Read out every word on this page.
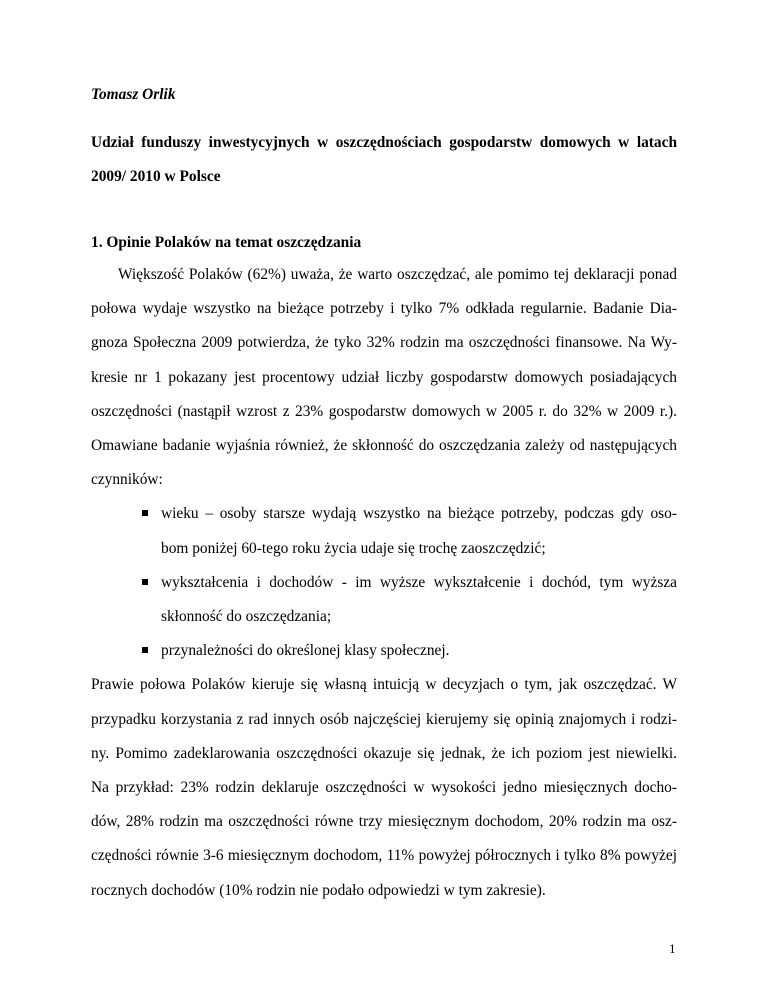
Tomasz Orlik

Udział funduszy inwestycyjnych w oszczędnościach gospodarstw domowych w latach 2009/ 2010 w Polsce

1. Opinie Polaków na temat oszczędzania

Większość Polaków (62%) uważa, że warto oszczędzać, ale pomimo tej deklaracji ponad
połowa wydaje wszystko na bieżące potrzeby i tylko 7% odkłada regularnie. Badanie Dia-
gnoza Społeczna 2009 potwierdza, że tyko 32% rodzin ma oszczędności finansowe. Na Wy-
kresie nr 1 pokazany jest procentowy udział liczby gospodarstw domowych posiadających
oszczędności (nastąpił wzrost z 23% gospodarstw domowych w 2005 r. do 32% w 2009 r.).
Omawiane badanie wyjaśnia również, że skłonność do oszczędzania zależy od następujących
czynników:
wieku – osoby starsze wydają wszystko na bieżące potrzeby, podczas gdy oso-
bom poniżej 60-tego roku życia udaje się trochę zaoszczędzić;
wykształcenia i dochodów - im wyższe wykształcenie i dochód, tym wyższa
skłonność do oszczędzania;
przynależności do określonej klasy społecznej.
Prawie połowa Polaków kieruje się własną intuicją w decyzjach o tym, jak oszczędzać. W
przypadku korzystania z rad innych osób najczęściej kierujemy się opinią znajomych i rodzi-
ny. Pomimo zadeklarowania oszczędności okazuje się jednak, że ich poziom jest niewielki.
Na przykład: 23% rodzin deklaruje oszczędności w wysokości jedno miesięcznych docho-
dów, 28% rodzin ma oszczędności równe trzy miesięcznym dochodom, 20% rodzin ma osz-
czędności równie 3-6 miesięcznym dochodom, 11% powyżej półrocznych i tylko 8% powyżej
rocznych dochodów (10% rodzin nie podało odpowiedzi w tym zakresie).

1
